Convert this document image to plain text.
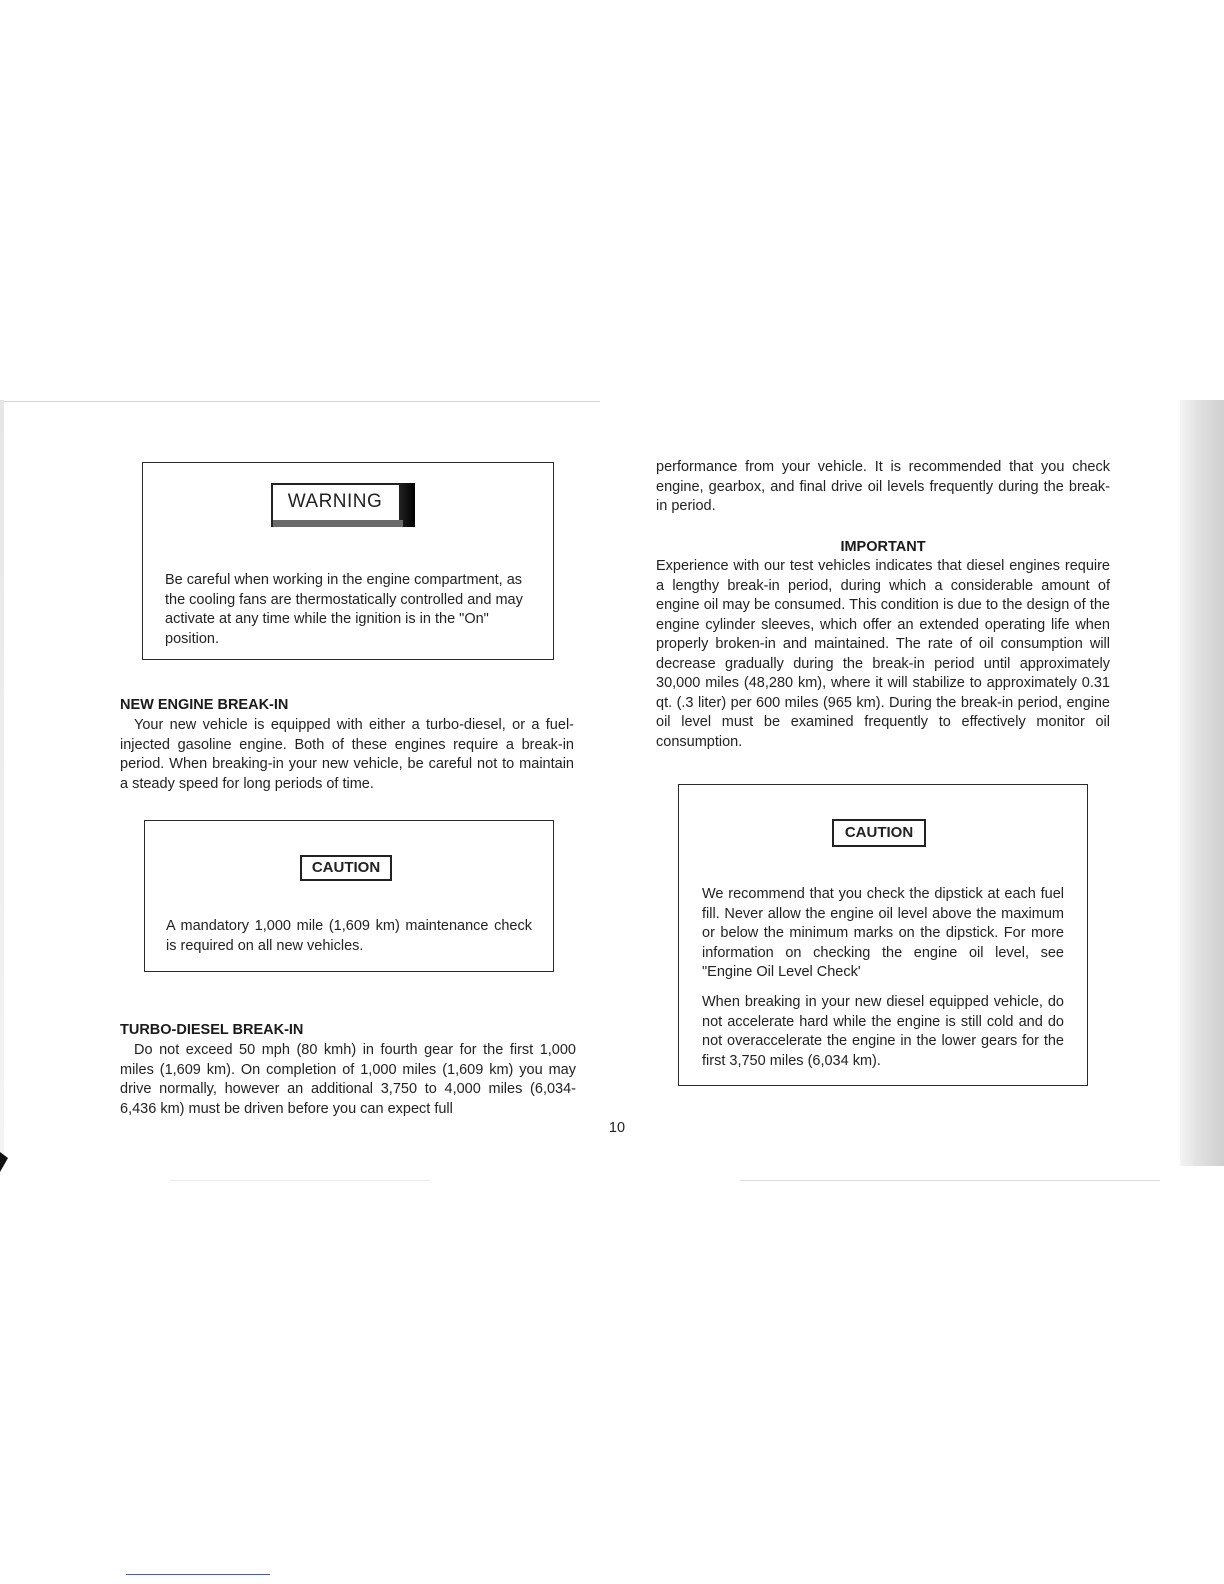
WARNING

Be careful when working in the engine compartment, as the cooling fans are thermostatically controlled and may activate at any time while the ignition is in the "On" position.

NEW ENGINE BREAK-IN

Your new vehicle is equipped with either a turbo-diesel, or a fuel-injected gasoline engine. Both of these engines require a break-in period. When breaking-in your new vehicle, be careful not to maintain a steady speed for long periods of time.

CAUTION

A mandatory 1,000 mile (1,609 km) maintenance check is required on all new vehicles.

TURBO-DIESEL BREAK-IN

Do not exceed 50 mph (80 kmh) in fourth gear for the first 1,000 miles (1,609 km). On completion of 1,000 miles (1,609 km) you may drive normally, however an additional 3,750 to 4,000 miles (6,034-6,436 km) must be driven before you can expect full

performance from your vehicle. It is recommended that you check engine, gearbox, and final drive oil levels frequently during the break-in period.

IMPORTANT

Experience with our test vehicles indicates that diesel engines require a lengthy break-in period, during which a considerable amount of engine oil may be consumed. This condition is due to the design of the engine cylinder sleeves, which offer an extended operating life when properly broken-in and maintained. The rate of oil consumption will decrease gradually during the break-in period until approximately 30,000 miles (48,280 km), where it will stabilize to approximately 0.31 qt. (.3 liter) per 600 miles (965 km). During the break-in period, engine oil level must be examined frequently to effectively monitor oil consumption.

CAUTION

We recommend that you check the dipstick at each fuel fill. Never allow the engine oil level above the maximum or below the minimum marks on the dipstick. For more information on checking the engine oil level, see "Engine Oil Level Check'

When breaking in your new diesel equipped vehicle, do not accelerate hard while the engine is still cold and do not overaccelerate the engine in the lower gears for the first 3,750 miles (6,034 km).

10
